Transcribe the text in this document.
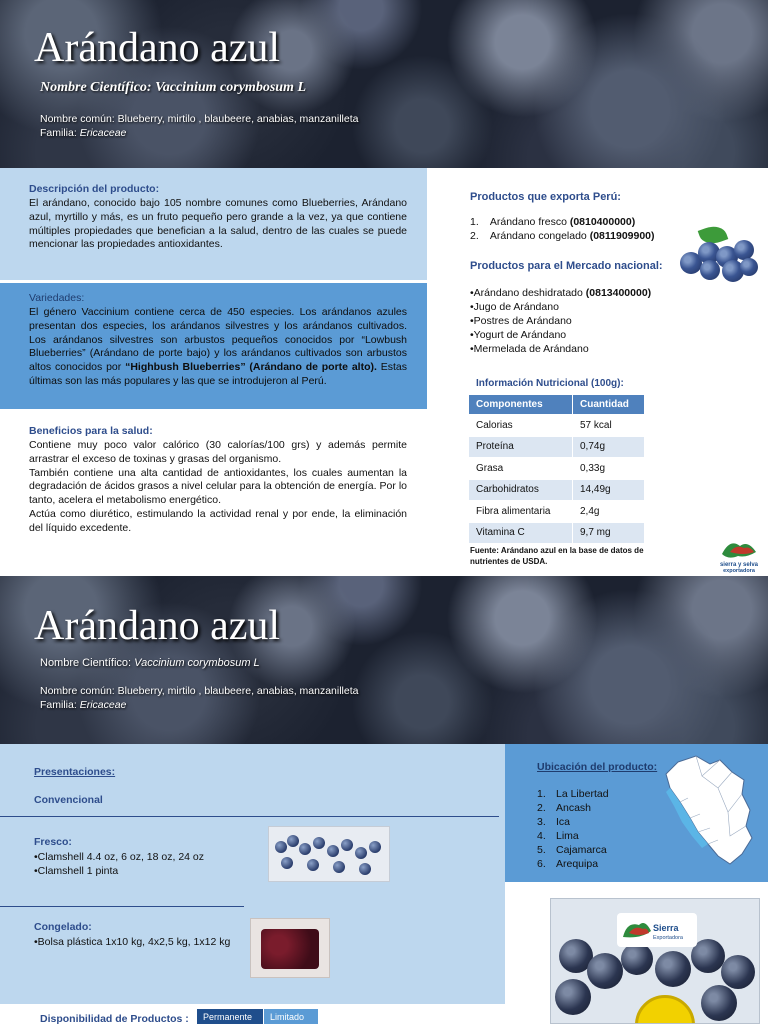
Arándano azul
Nombre Científico: Vaccinium corymbosum L
Nombre común: Blueberry, mirtilo , blaubeere, anabias, manzanilleta
Familia: Ericaceae
Descripción del producto:
El arándano, conocido bajo 105 nombre comunes como Blueberries, Arándano azul, myrtillo y más, es un fruto pequeño pero grande a la vez, ya que contiene múltiples propiedades que benefician a la salud, dentro de las cuales se puede mencionar las propiedades antioxidantes.
Variedades:
El género Vaccinium contiene cerca de 450 especies. Los arándanos azules presentan dos especies, los arándanos silvestres y los arándanos cultivados. Los arándanos silvestres son arbustos pequeños conocidos por “Lowbush Blueberries” (Arándano de porte bajo) y los arándanos cultivados son arbustos altos conocidos por “Highbush Blueberries” (Arándano de porte alto). Estas últimas son las más populares y las que se introdujeron al Perú.
Beneficios para la salud:
Contiene muy poco valor calórico (30 calorías/100 grs) y además permite arrastrar el exceso de toxinas y grasas del organismo.
También contiene una alta cantidad de antioxidantes, los cuales aumentan la degradación de ácidos grasos a nivel celular para la obtención de energía. Por lo tanto, acelera el metabolismo energético.
Actúa como diurético, estimulando la actividad renal y por ende, la eliminación del líquido excedente.
Productos que exporta Perú:
1. Arándano fresco (0810400000)
2. Arándano congelado (0811909900)
Productos para el Mercado nacional:
•Arándano deshidratado (0813400000)
•Jugo de Arándano
•Postres de Arándano
•Yogurt de Arándano
•Mermelada de Arándano
Información Nutricional (100g):
Componentes	Cuantidad
Calorias	57 kcal
Proteína	0,74g
Grasa	0,33g
Carbohidratos	14,49g
Fibra alimentaria	2,4g
Vitamina C	9,7 mg
Fuente: Arándano azul en la base de datos de nutrientes de USDA.	sierra y selva
exportadora
Arándano azul
Nombre Científico: Vaccinium corymbosum L
Nombre común: Blueberry, mirtilo , blaubeere, anabias, manzanilleta
Familia: Ericaceae
Presentaciones:
Convencional
Fresco:
•Clamshell 4.4 oz, 6 oz, 18 oz, 24 oz
•Clamshell 1 pinta
Congelado:
•Bolsa plástica 1x10 kg, 4x2,5 kg, 1x12 kg
Ubicación del producto:
1. La Libertad
2. Ancash
3. Ica
4. Lima
5. Cajamarca
6. Arequipa
Sierra
Exportadora
Disponibilidad de Productos :	Permanente	Limitado
